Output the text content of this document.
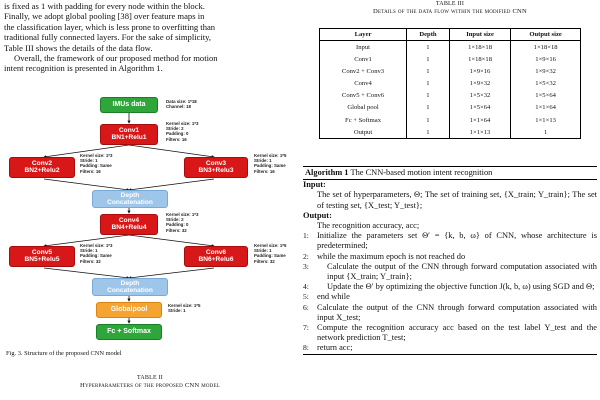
is fixed as 1 with padding for every node within the block.

Finally, we adopt global pooling [38] over feature maps in

the classification layer, which is less prone to overfitting than

traditional fully connected layers. For the sake of simplicity,

Table III shows the details of the data flow.

Overall, the framework of our proposed method for motion

intent recognition is presented in Algorithm 1.

IMUs data	Data size: 1*18
Channel: 18
Conv1
BN1+Relu1
Kernel size: 1*3
Stride: 2
Padding: 0
Filters: 16
Conv2
BN2+Relu2
Kernel size: 1*3
Stride: 1
Padding: Same
Filters: 16
Conv3
BN3+Relu3
Kernel size: 1*5
Stride: 1
Padding: Same
Filters: 16
Depth
Concatenation
Conv4
BN4+Relu4
Kernel size: 1*3
Stride: 2
Padding: 0
Filters: 32
Conv5
BN5+Relu5
Kernel size: 1*3
Stride: 1
Padding: Same
Filters: 32
Conv6
BN6+Relu6
Kernel size: 1*5
Stride: 1
Padding: Same
Filters: 32
Depth
Concatenation
Globalpool
Kernel size: 1*5
Stride: 1
Fc + Softmax
Fig. 3. Structure of the proposed CNN model
TABLE II
Hyperparameters of the proposed CNN model
TABLE III
Details of the data flow within the modified CNN
Layer	Depth	Input size	Output size
Input	1	1×18×18	1×18×18
Conv1	1	1×18×18	1×9×16
Conv2 + Conv3	1	1×9×16	1×9×32
Conv4	1	1×9×32	1×5×32
Conv5 + Conv6	1	1×5×32	1×5×64
Global pool	1	1×5×64	1×1×64
Fc + Softmax	1	1×1×64	1×1×13
Output	1	1×1×13	1
Algorithm 1 The CNN-based motion intent recognition
Input:
The set of hyperparameters, Θ; The set of training set, {X_train; Y_train}; The set of testing set, {X_test; Y_test};
Output:
The recognition accuracy, acc;
1: Initialize the parameters set Θ′ = {k, b, ω} of CNN, whose architecture is predetermined;
2: while the maximum epoch is not reached do
3:	Calculate the output of the CNN through forward computation associated with input {X_train; Y_train};
4:	Update the Θ′ by optimizing the objective function J(k, b, ω) using SGD and Θ;
5: end while
6: Calculate the output of the CNN through forward computation associated with input X_test;
7: Compute the recognition accuracy acc based on the test label Y_test and the network prediction T_test;
8: return acc;
